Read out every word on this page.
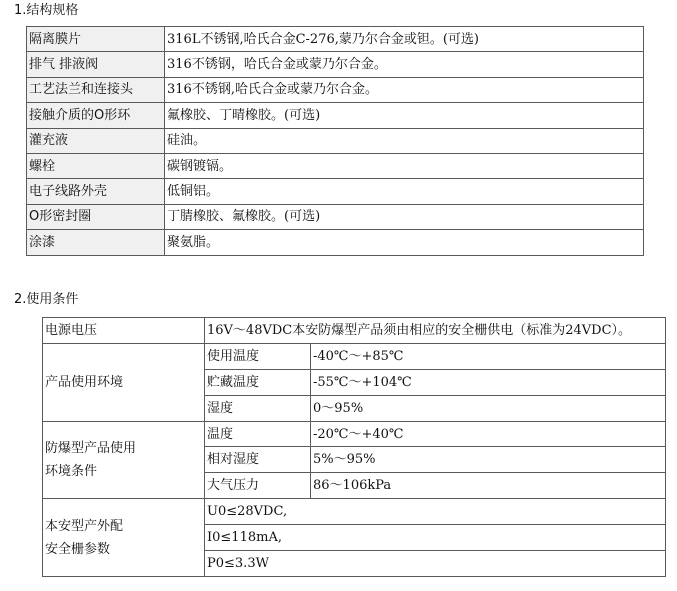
1.结构规格
隔离膜片	316L不锈钢,哈氏合金C-276,蒙乃尔合金或钽。(可选)
排气 排液阀	316不锈钢，哈氏合金或蒙乃尔合金。
工艺法兰和连接头	316不锈钢,哈氏合金或蒙乃尔合金。
接触介质的O形环	氟橡胶、丁晴橡胶。(可选)
灌充液	硅油。
螺栓	碳钢镀镉。
电子线路外壳	低铜铝。
O形密封圈	丁腈橡胶、氟橡胶。(可选)
涂漆	聚氨脂。
2.使用条件
电源电压	16V～48VDC本安防爆型产品须由相应的安全栅供电（标准为24VDC）。	
产品使用环境	使用温度	-40℃～+85℃
	贮藏温度	-55℃～+104℃
	湿度	0～95%

防爆型产品使用
环境条件	温度	-20℃～+40℃
	相对湿度	5%～95%
	大气压力	86～106kPa

本安型产外配
安全栅参数	U0≤28VDC,	
	I0≤118mA,	
	P0≤3.3W	
